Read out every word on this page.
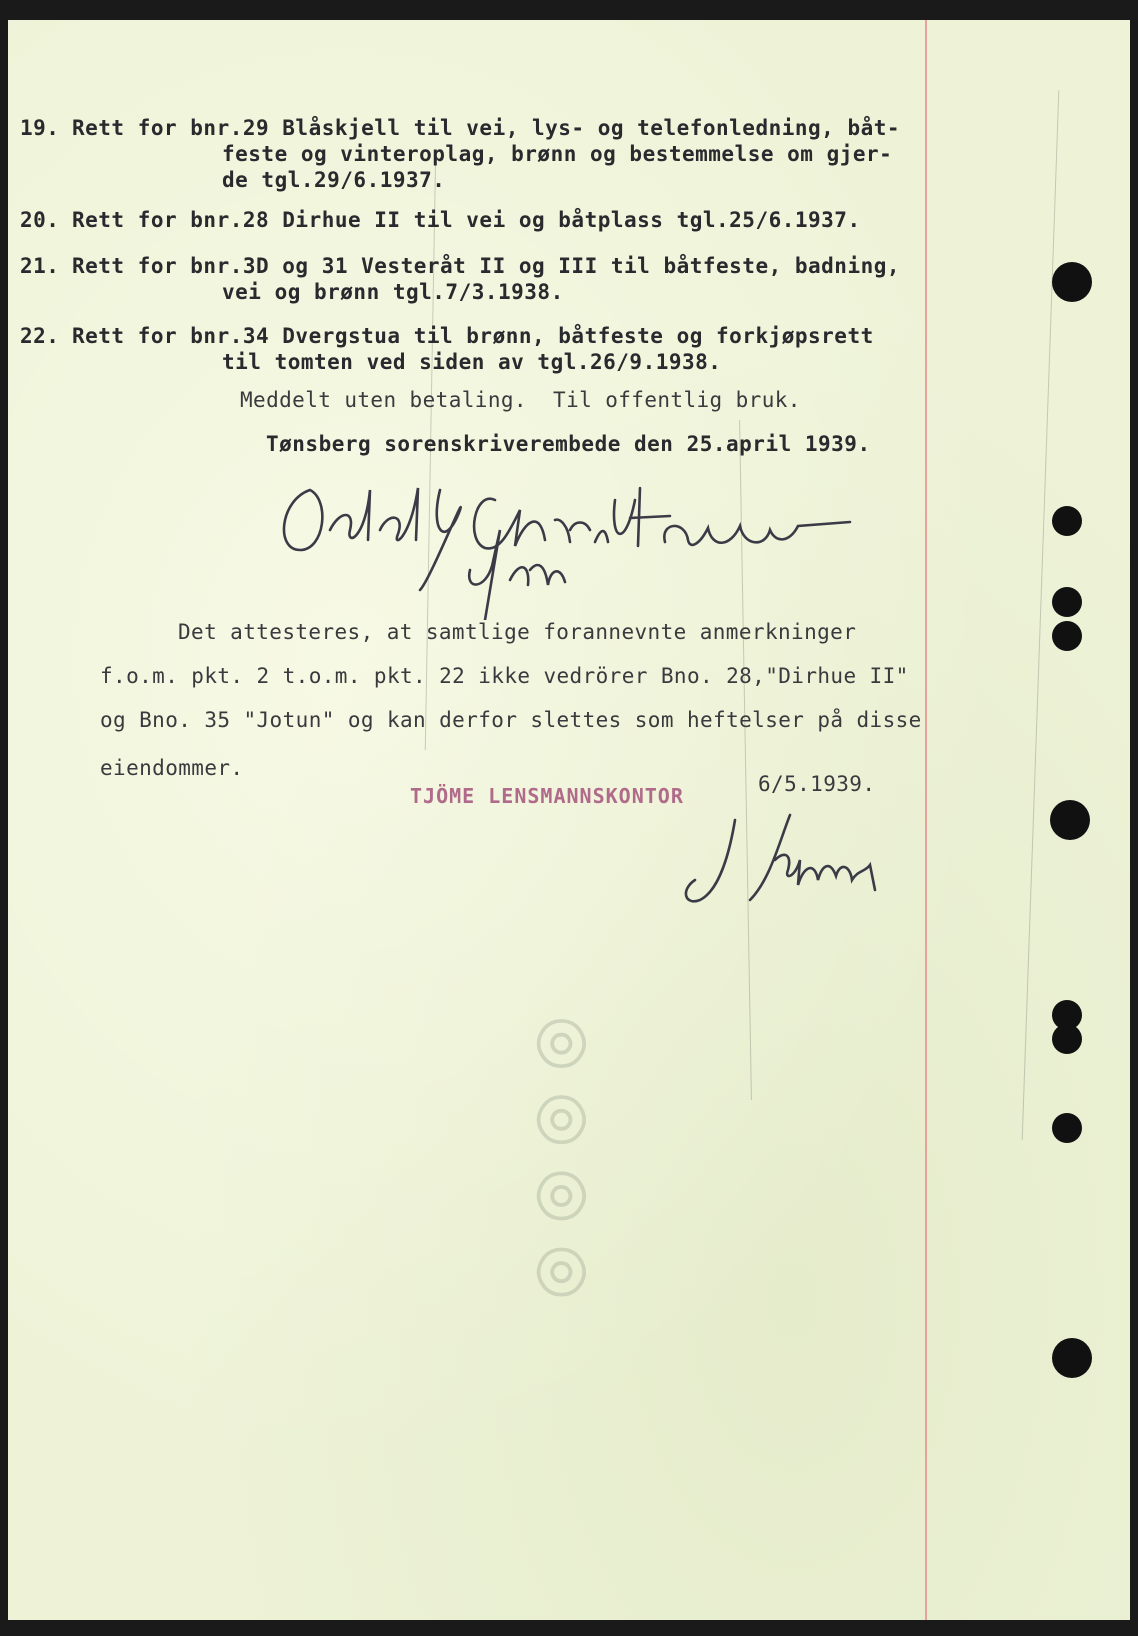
◎ ◎ ◎ ◎
19. Rett for bnr.29 Blåskjell til vei, lys- og telefonledning, båt-
feste og vinteroplag, brønn og bestemmelse om gjer-
de tgl.29/6.1937.
20. Rett for bnr.28 Dirhue II til vei og båtplass tgl.25/6.1937.
21. Rett for bnr.3D og 31 Vesteråt II og III til båtfeste, badning,
vei og brønn tgl.7/3.1938.
22. Rett for bnr.34 Dvergstua til brønn, båtfeste og forkjøpsrett
til tomten ved siden av tgl.26/9.1938.
Meddelt uten betaling.  Til offentlig bruk.
Tønsberg sorenskriverembede den 25.april 1939.
Det attesteres, at samtlige forannevnte anmerkninger
f.o.m. pkt. 2 t.o.m. pkt. 22 ikke vedrörer Bno. 28,"Dirhue II"
og Bno. 35 "Jotun" og kan derfor slettes som heftelser på disse
eiendommer.
TJÖME LENSMANNSKONTOR	6/5.1939.
